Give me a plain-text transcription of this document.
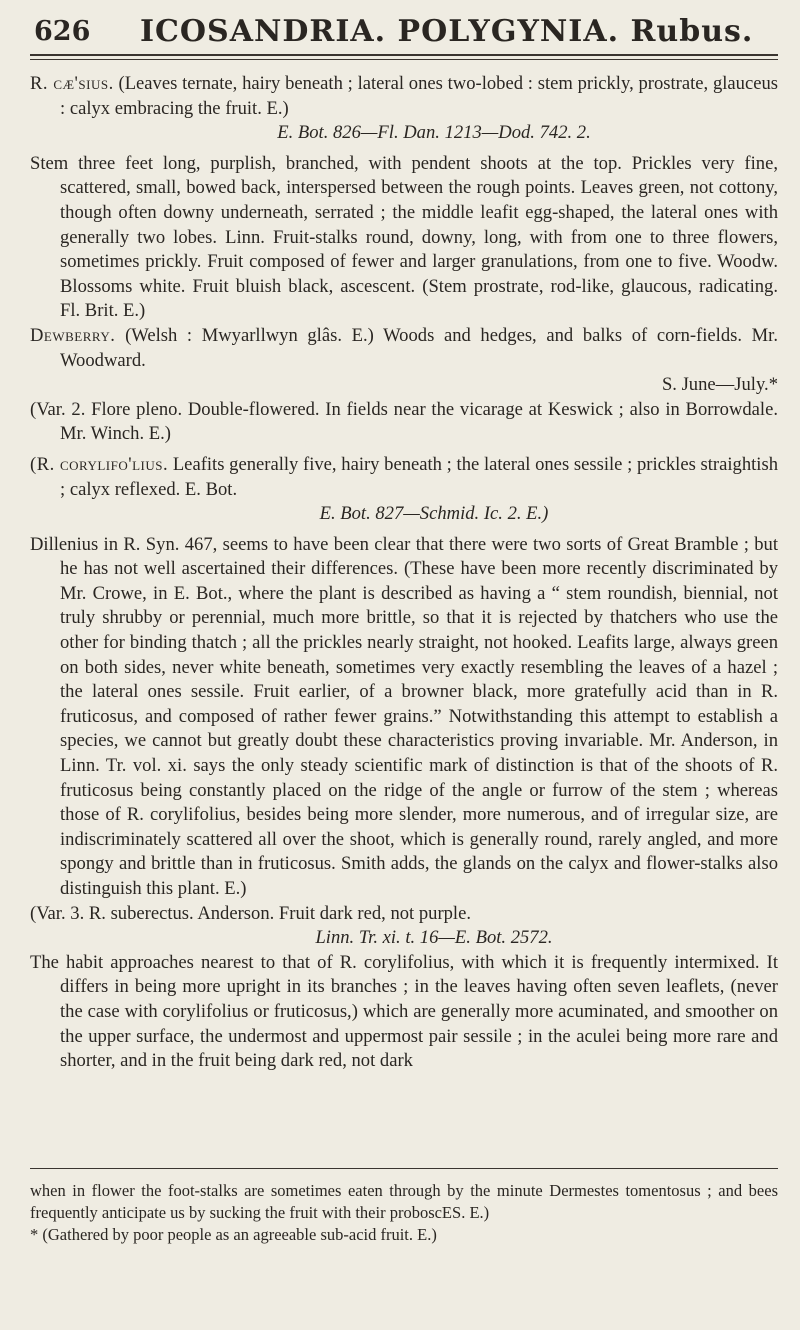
626 ICOSANDRIA. POLYGYNIA. Rubus.

R. cæ'sius. (Leaves ternate, hairy beneath ; lateral ones two-lobed : stem prickly, prostrate, glauceus : calyx embracing the fruit. E.)

E. Bot. 826—Fl. Dan. 1213—Dod. 742. 2.

Stem three feet long, purplish, branched, with pendent shoots at the top. Prickles very fine, scattered, small, bowed back, interspersed between the rough points. Leaves green, not cottony, though often downy underneath, serrated ; the middle leafit egg-shaped, the lateral ones with generally two lobes. Linn. Fruit-stalks round, downy, long, with from one to three flowers, sometimes prickly. Fruit composed of fewer and larger granulations, from one to five. Woodw. Blossoms white. Fruit bluish black, ascescent. (Stem prostrate, rod-like, glaucous, radicating. Fl. Brit. E.)

Dewberry. (Welsh : Mwyarllwyn glâs. E.) Woods and hedges, and balks of corn-fields. Mr. Woodward.

S. June—July.*

(Var. 2. Flore pleno. Double-flowered. In fields near the vicarage at Keswick ; also in Borrowdale. Mr. Winch. E.)

(R. corylifo'lius. Leafits generally five, hairy beneath ; the lateral ones sessile ; prickles straightish ; calyx reflexed. E. Bot.

E. Bot. 827—Schmid. Ic. 2. E.)

Dillenius in R. Syn. 467, seems to have been clear that there were two sorts of Great Bramble ; but he has not well ascertained their differences. (These have been more recently discriminated by Mr. Crowe, in E. Bot., where the plant is described as having a “ stem roundish, biennial, not truly shrubby or perennial, much more brittle, so that it is rejected by thatchers who use the other for binding thatch ; all the prickles nearly straight, not hooked. Leafits large, always green on both sides, never white beneath, sometimes very exactly resembling the leaves of a hazel ; the lateral ones sessile. Fruit earlier, of a browner black, more gratefully acid than in R. fruticosus, and composed of rather fewer grains.” Notwithstanding this attempt to establish a species, we cannot but greatly doubt these characteristics proving invariable. Mr. Anderson, in Linn. Tr. vol. xi. says the only steady scientific mark of distinction is that of the shoots of R. fruticosus being constantly placed on the ridge of the angle or furrow of the stem ; whereas those of R. corylifolius, besides being more slender, more numerous, and of irregular size, are indiscriminately scattered all over the shoot, which is generally round, rarely angled, and more spongy and brittle than in fruticosus. Smith adds, the glands on the calyx and flower-stalks also distinguish this plant. E.)

(Var. 3. R. suberectus. Anderson. Fruit dark red, not purple.

Linn. Tr. xi. t. 16—E. Bot. 2572.

The habit approaches nearest to that of R. corylifolius, with which it is frequently intermixed. It differs in being more upright in its branches ; in the leaves having often seven leaflets, (never the case with corylifolius or fruticosus,) which are generally more acuminated, and smoother on the upper surface, the undermost and uppermost pair sessile ; in the aculei being more rare and shorter, and in the fruit being dark red, not dark

when in flower the foot-stalks are sometimes eaten through by the minute Dermestes tomentosus ; and bees frequently anticipate us by sucking the fruit with their proboscES. E.)

* (Gathered by poor people as an agreeable sub-acid fruit. E.)
